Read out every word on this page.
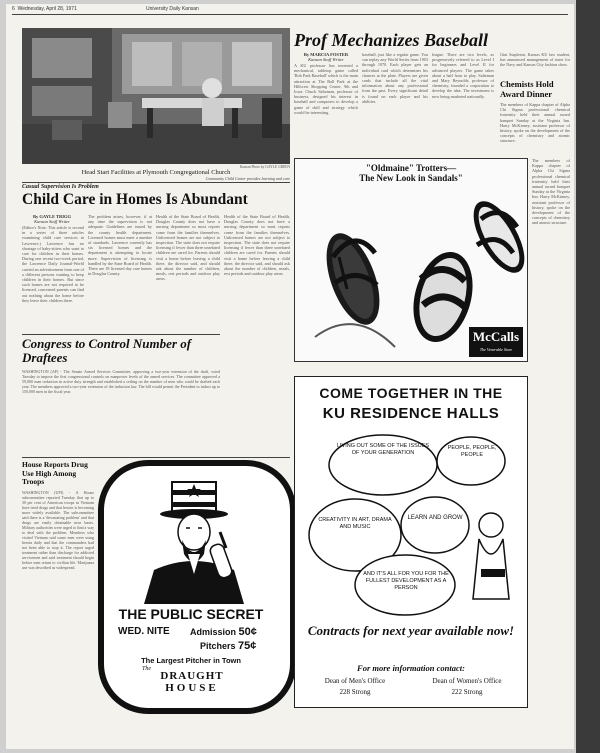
6 Wednesday, April 28, 1971	University Daily Kansan
Kansan Photo by GAYLE GREEN
Head Start Facilities at Plymouth Congregational Church
Community Child Center provides learning and care
Casual Supervision Is Problem
Child Care in Homes Is Abundant
By GAYLE TRIGG
Kansan Staff Writer
(Editor's Note: This article is second in a series of three articles examining child care services in Lawrence.) Lawrence has no shortage of baby-sitters who want to care for children in their homes. During one recent two-week period, the Lawrence Daily Journal-World carried an advertisement from one of a different persons wanting to keep children in their homes. But since such homes are not required to be licensed, concerned parents can find out nothing about the home before they leave their children there.
The problem arises, however, if at any time the supervision is not adequate. Guidelines are issued by the county health department. Licensed homes must meet a number of standards. Lawrence currently has six licensed homes and the department is attempting to locate more. Supervision of licensing is handled by the State Board of Health. There are 18 licensed day care homes in Douglas County.
Health of the State Board of Health, Douglas County does not have a nursing department so most reports come from the families themselves. Unlicensed homes are not subject to inspection. The state does not require licensing if fewer than three unrelated children are cared for. Parents should visit a home before leaving a child there, the director said, and should ask about the number of children, meals, rest periods and outdoor play areas.
Health of the State Board of Health, Douglas County does not have a nursing department so most reports come from the families themselves. Unlicensed homes are not subject to inspection. The state does not require licensing if fewer than three unrelated children are cared for. Parents should visit a home before leaving a child there, the director said, and should ask about the number of children, meals, rest periods and outdoor play areas.
Congress to Control Number of Draftees
WASHINGTON (AP) - The Senate Armed Services Committee, approving a two-year extension of the draft, voted Tuesday to impose the first congressional controls on manpower levels of the armed services. The committee approved a 59,000 man reduction in active duty strength and established a ceiling on the number of men who could be drafted each year. The members approved a two-year extension of the induction law. The bill would permit the President to induct up to 150,000 men in the fiscal year.
House Reports Drug Use High Among Troops
WASHINGTON (UPI) - A House subcommittee reported Tuesday that up to 30 per cent of American troops in Vietnam have tried drugs and that heroin is becoming more widely available. The subcommittee said there is a 'devastating problem' and that drugs are easily obtainable near bases. Military authorities were urged to find a way to deal with the problem. Members who visited Vietnam said some men were using heroin daily and that the commanders had not been able to stop it. The report urged treatment rather than discharge for addicted servicemen and said treatment should begin before men return to civilian life. Marijuana use was described as widespread.
THE PUBLIC SECRET
WED. NITE Admission 50¢
Pitchers 75¢
The Largest Pitcher in Town
The
DRAUGHT
HOUSE
Prof Mechanizes Baseball
By MARCIA FOSTER
Kansan Staff Writer
A KU professor has invented a mechanical, tabletop game called 'Bob Park Baseball' which is the main attraction at The Ball Park at the Hillcrest Shopping Center, 9th and Iowa. Chuck Saltzman, professor of business, designed his interest in baseball and computers to develop a game of skill and strategy which would be interesting.
baseball, just like a regular game. You can replay any World Series from 1903 through 1970. Each player gets an individual card which determines his chances at the plate. Players are given cards that include all the vital information about any professional from the past. Every significant detail is found on each player and his abilities.
league. There are two levels, as progressively referred to as Level I for beginners and Level II for advanced players. The game takes about a half hour to play. Saltzman and Mary Reynolds, professor of chemistry, founded a corporation to develop the idea. The investment is now being marketed nationally.
Gini Stapleton, Kansas KU law student, has announced management of sister for the Navy and Kansas City fashion show.
Chemists Hold Award Dinner
The members of Kappa chapter of Alpha Chi Sigma professional chemical fraternity held their annual award banquet Sunday at the Virginia Inn. Harry McKinney, assistant professor of history, spoke on the development of the concepts of chemistry and atomic structure.
The members of Kappa chapter of Alpha Chi Sigma professional chemical fraternity held their annual award banquet Sunday at the Virginia Inn. Harry McKinney, assistant professor of history, spoke on the development of the concepts of chemistry and atomic structure.
"Oldmaine" Trotters—
The New Look in Sandals"
McCalls
The Venerable Store
COME TOGETHER IN THE
KU RESIDENCE HALLS
LIVING OUT SOME OF THE ISSUES OF YOUR GENERATION
PEOPLE, PEOPLE, PEOPLE
CREATIVITY IN ART, DRAMA AND MUSIC
LEARN AND GROW
AND IT'S ALL FOR YOU FOR THE FULLEST DEVELOPMENT AS A PERSON
Contracts for next year available now!
For more information contact:
Dean of Men's Office
228 Strong
Dean of Women's Office
222 Strong
